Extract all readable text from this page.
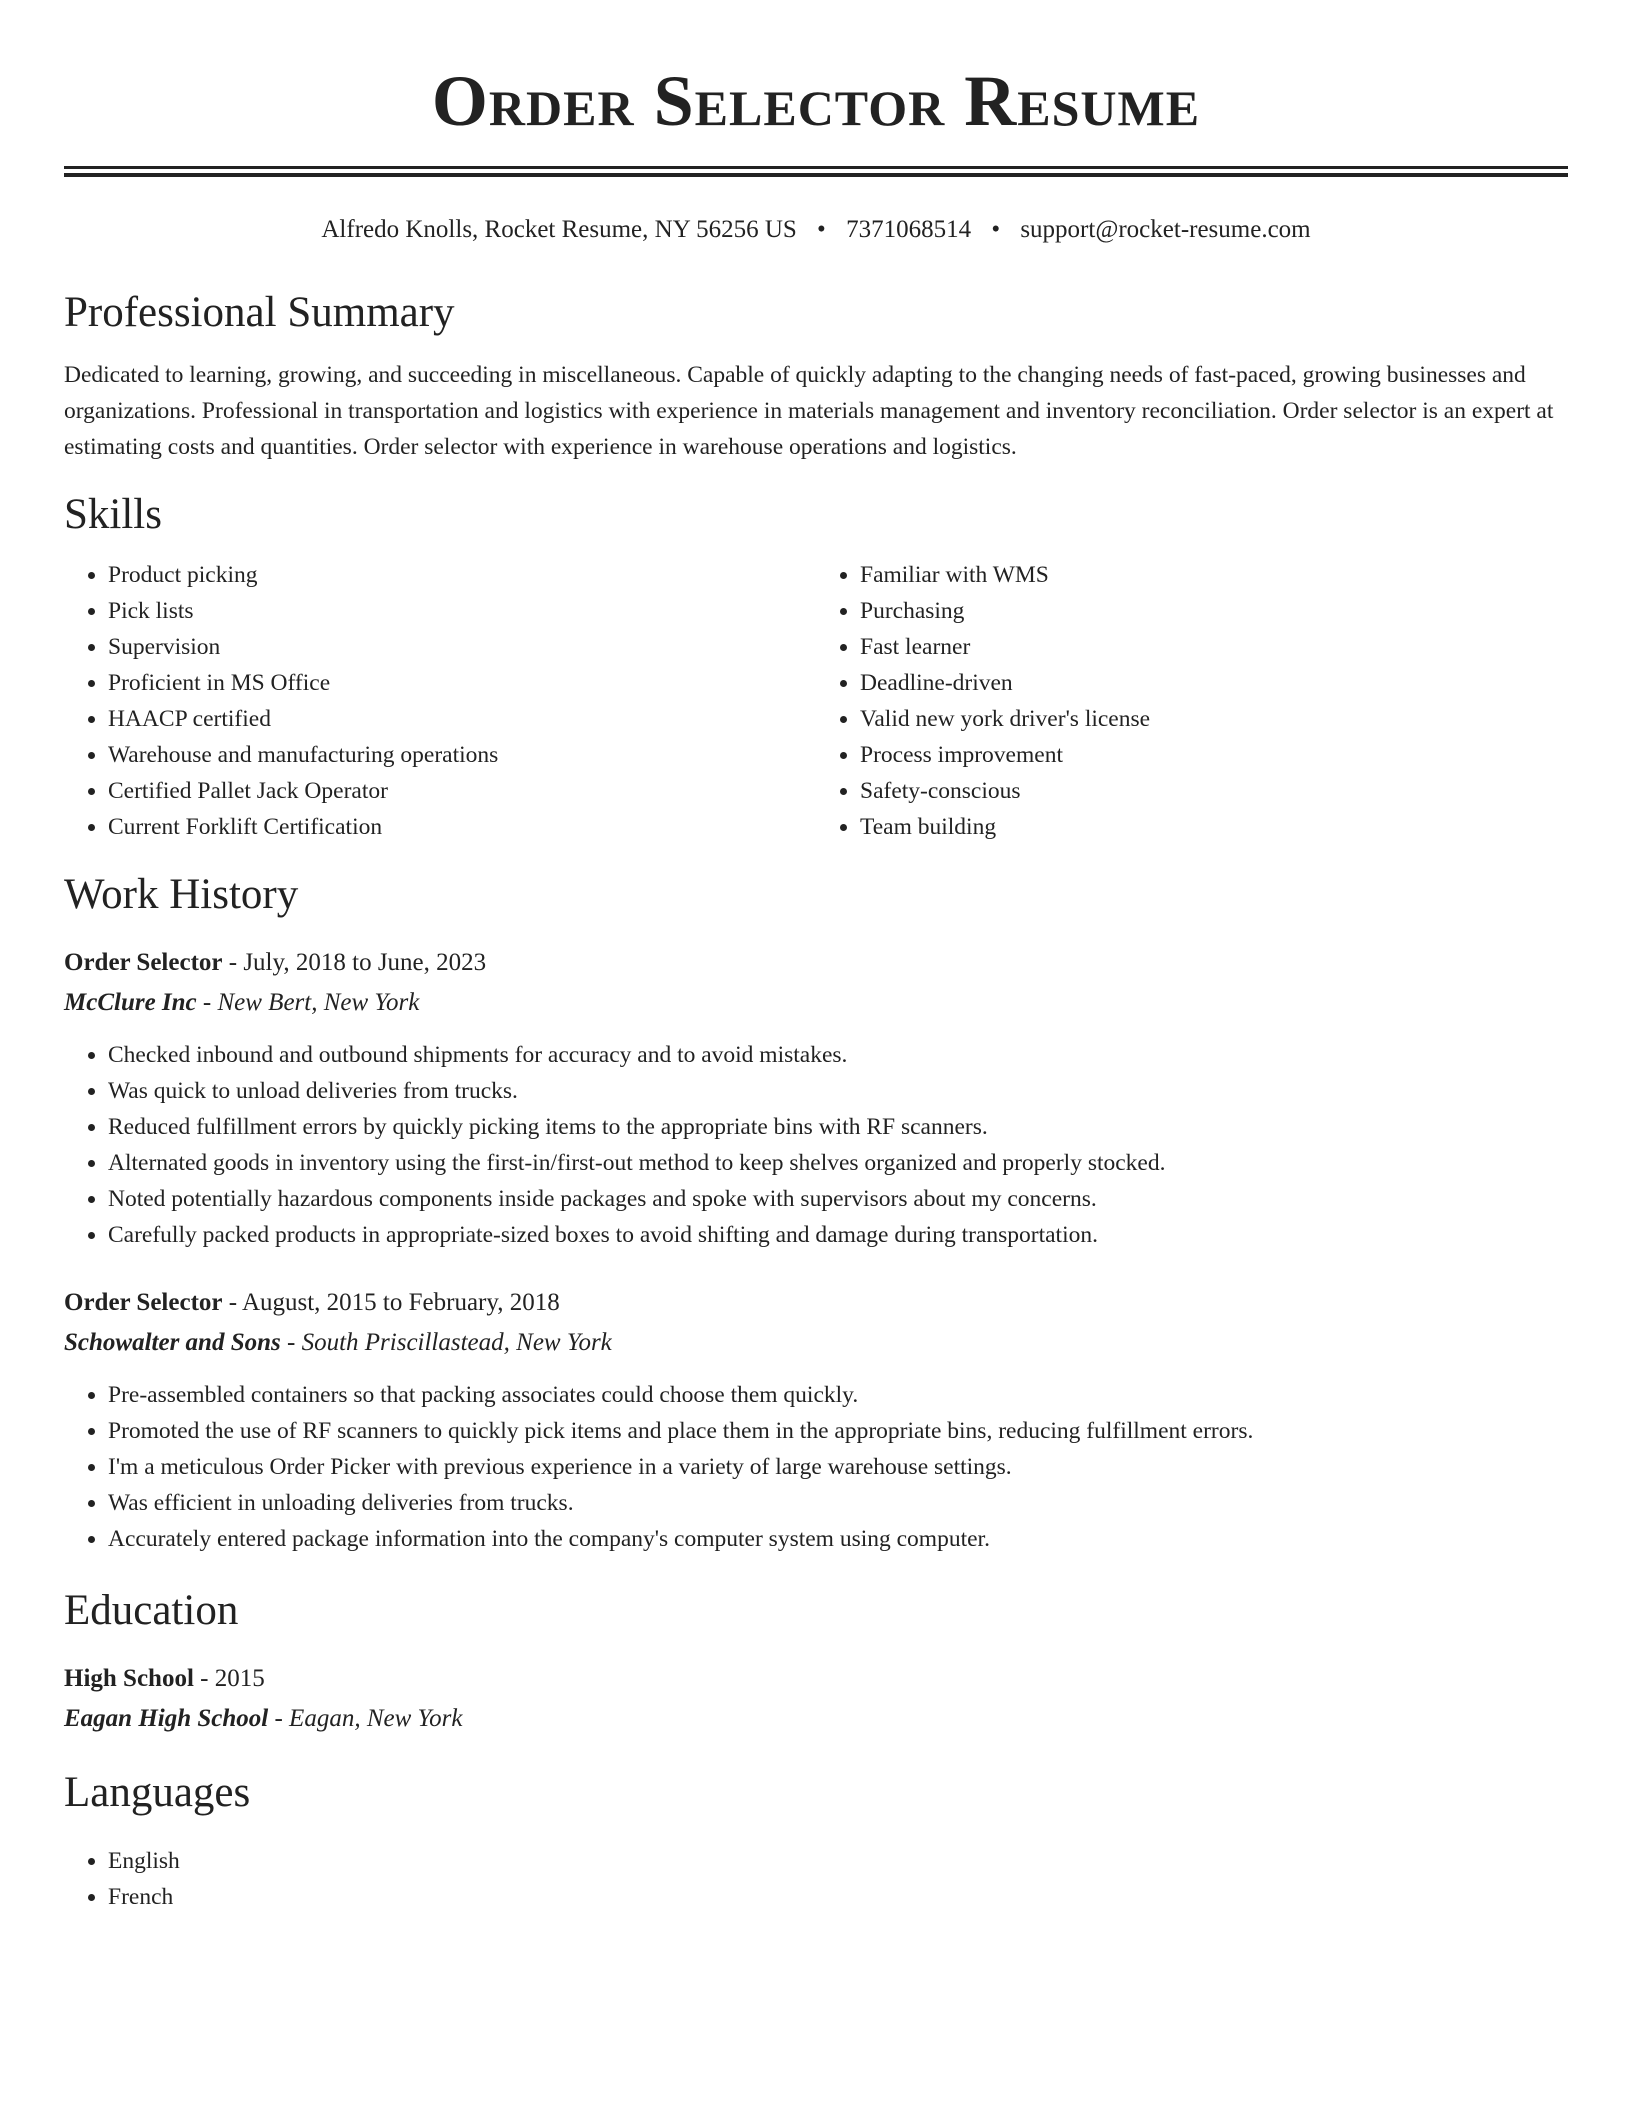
Order Selector Resume
Alfredo Knolls, Rocket Resume, NY 56256 US • 7371068514 • support@rocket-resume.com
Professional Summary
Dedicated to learning, growing, and succeeding in miscellaneous. Capable of quickly adapting to the changing needs of fast-paced, growing businesses and organizations. Professional in transportation and logistics with experience in materials management and inventory reconciliation. Order selector is an expert at estimating costs and quantities. Order selector with experience in warehouse operations and logistics.
Skills
• Product picking
• Pick lists
• Supervision
• Proficient in MS Office
• HAACP certified
• Warehouse and manufacturing operations
• Certified Pallet Jack Operator
• Current Forklift Certification
• Familiar with WMS
• Purchasing
• Fast learner
• Deadline-driven
• Valid new york driver's license
• Process improvement
• Safety-conscious
• Team building
Work History
Order Selector - July, 2018 to June, 2023
McClure Inc - New Bert, New York
• Checked inbound and outbound shipments for accuracy and to avoid mistakes.
• Was quick to unload deliveries from trucks.
• Reduced fulfillment errors by quickly picking items to the appropriate bins with RF scanners.
• Alternated goods in inventory using the first-in/first-out method to keep shelves organized and properly stocked.
• Noted potentially hazardous components inside packages and spoke with supervisors about my concerns.
• Carefully packed products in appropriate-sized boxes to avoid shifting and damage during transportation.
Order Selector - August, 2015 to February, 2018
Schowalter and Sons - South Priscillastead, New York
• Pre-assembled containers so that packing associates could choose them quickly.
• Promoted the use of RF scanners to quickly pick items and place them in the appropriate bins, reducing fulfillment errors.
• I'm a meticulous Order Picker with previous experience in a variety of large warehouse settings.
• Was efficient in unloading deliveries from trucks.
• Accurately entered package information into the company's computer system using computer.
Education
High School - 2015
Eagan High School - Eagan, New York
Languages
• English
• French
